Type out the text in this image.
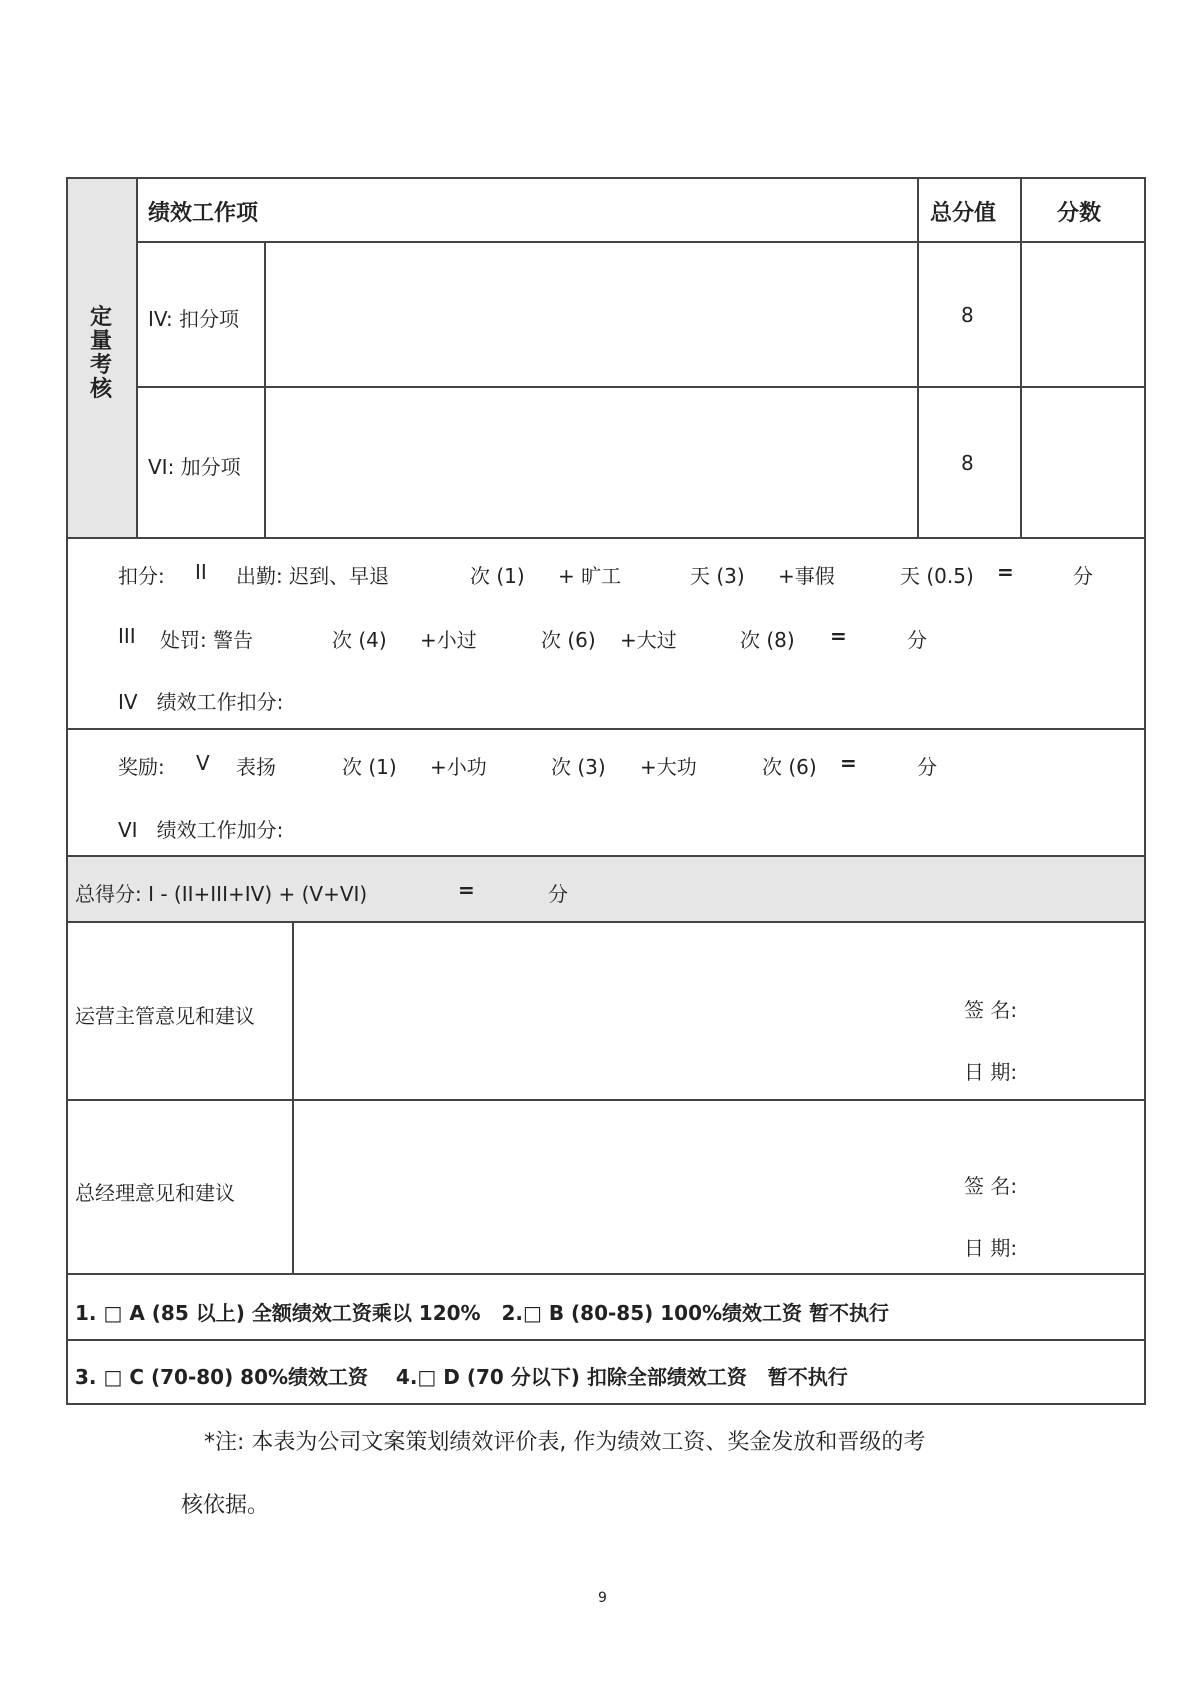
定量考核
绩效工作项	总分值	分数
IV: 扣分项	8
VI: 加分项	8
扣分: II 出勤: 迟到、早退	次 (1) + 旷工	天 (3) +事假	天 (0.5) =	分
III 处罚: 警告	次 (4) +小过	次 (6) +大过	次 (8) =	分
IV   绩效工作扣分:
奖励: V 表扬	次 (1) +小功	次 (3) +大功	次 (6) =	分
VI   绩效工作加分:
总得分: I - (II+III+IV) + (V+VI)	=	分
运营主管意见和建议	签 名:
日 期:
总经理意见和建议	签 名:
日 期:
1. □ A (85 以上) 全额绩效工资乘以 120%   2.□ B (80-85) 100%绩效工资 暂不执行
3. □ C (70-80) 80%绩效工资    4.□ D (70 分以下) 扣除全部绩效工资   暂不执行
*注: 本表为公司文案策划绩效评价表, 作为绩效工资、奖金发放和晋级的考
核依据。
9
